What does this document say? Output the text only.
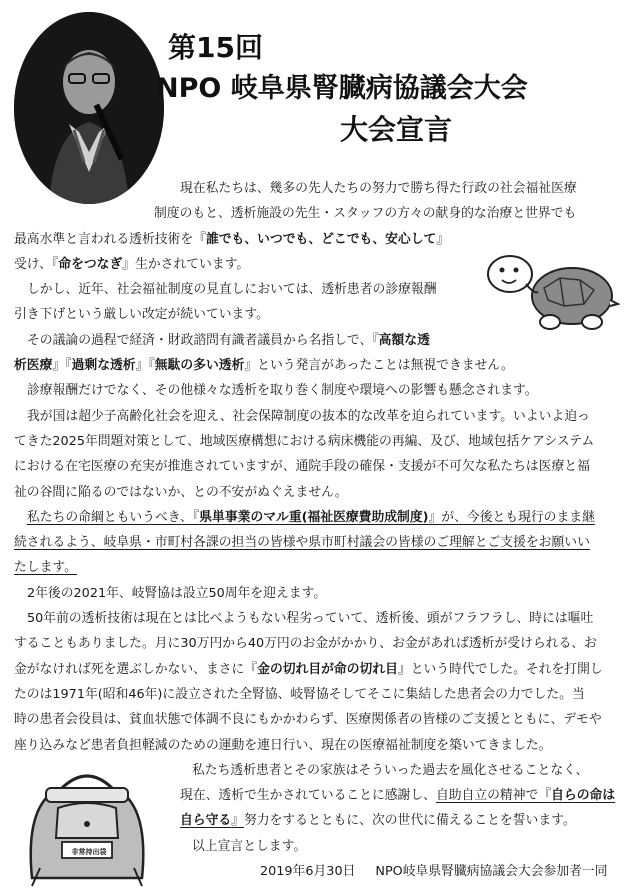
第15回
NPO 岐阜県腎臓病協議会大会
大会宣言
非常持出袋

現在私たちは、幾多の先人たちの努力で勝ち得た行政の社会福祉医療

制度のもと、透析施設の先生・スタッフの方々の献身的な治療と世界でも

最高水準と言われる透析技術を『誰でも、いつでも、どこでも、安心して』

受け、『命をつなぎ』生かされています。

しかし、近年、社会福祉制度の見直しにおいては、透析患者の診療報酬

引き下げという厳しい改定が続いています。

その議論の過程で経済・財政諮問有識者議員から名指しで、『高額な透

析医療』『過剰な透析』『無駄の多い透析』という発言があったことは無視できません。

診療報酬だけでなく、その他様々な透析を取り巻く制度や環境への影響も懸念されます。

我が国は超少子高齢化社会を迎え、社会保障制度の抜本的な改革を迫られています。いよいよ迫っ

てきた2025年問題対策として、地域医療構想における病床機能の再編、及び、地域包括ケアシステム

における在宅医療の充実が推進されていますが、通院手段の確保・支援が不可欠な私たちは医療と福

祉の谷間に陥るのではないか、との不安がぬぐえません。

私たちの命綱ともいうべき、『県単事業のマル重(福祉医療費助成制度)』が、今後とも現行のまま継

続されるよう、岐阜県・市町村各課の担当の皆様や県市町村議会の皆様のご理解とご支援をお願いい

たします。

2年後の2021年、岐腎協は設立50周年を迎えます。

50年前の透析技術は現在とは比べようもない程劣っていて、透析後、頭がフラフラし、時には嘔吐

することもありました。月に30万円から40万円のお金がかかり、お金があれば透析が受けられる、お

金がなければ死を選ぶしかない、まさに『金の切れ目が命の切れ目』という時代でした。それを打開し

たのは1971年(昭和46年)に設立された全腎協、岐腎協そしてそこに集結した患者会の力でした。当

時の患者会役員は、貧血状態で体調不良にもかかわらず、医療関係者の皆様のご支援とともに、デモや

座り込みなど患者負担軽減のための運動を連日行い、現在の医療福祉制度を築いてきました。

私たち透析患者とその家族はそういった過去を風化させることなく、

現在、透析で生かされていることに感謝し、自助自立の精神で『自らの命は

自ら守る』努力をするとともに、次の世代に備えることを誓います。

以上宣言とします。

2019年6月30日 NPO岐阜県腎臓病協議会大会参加者一同
